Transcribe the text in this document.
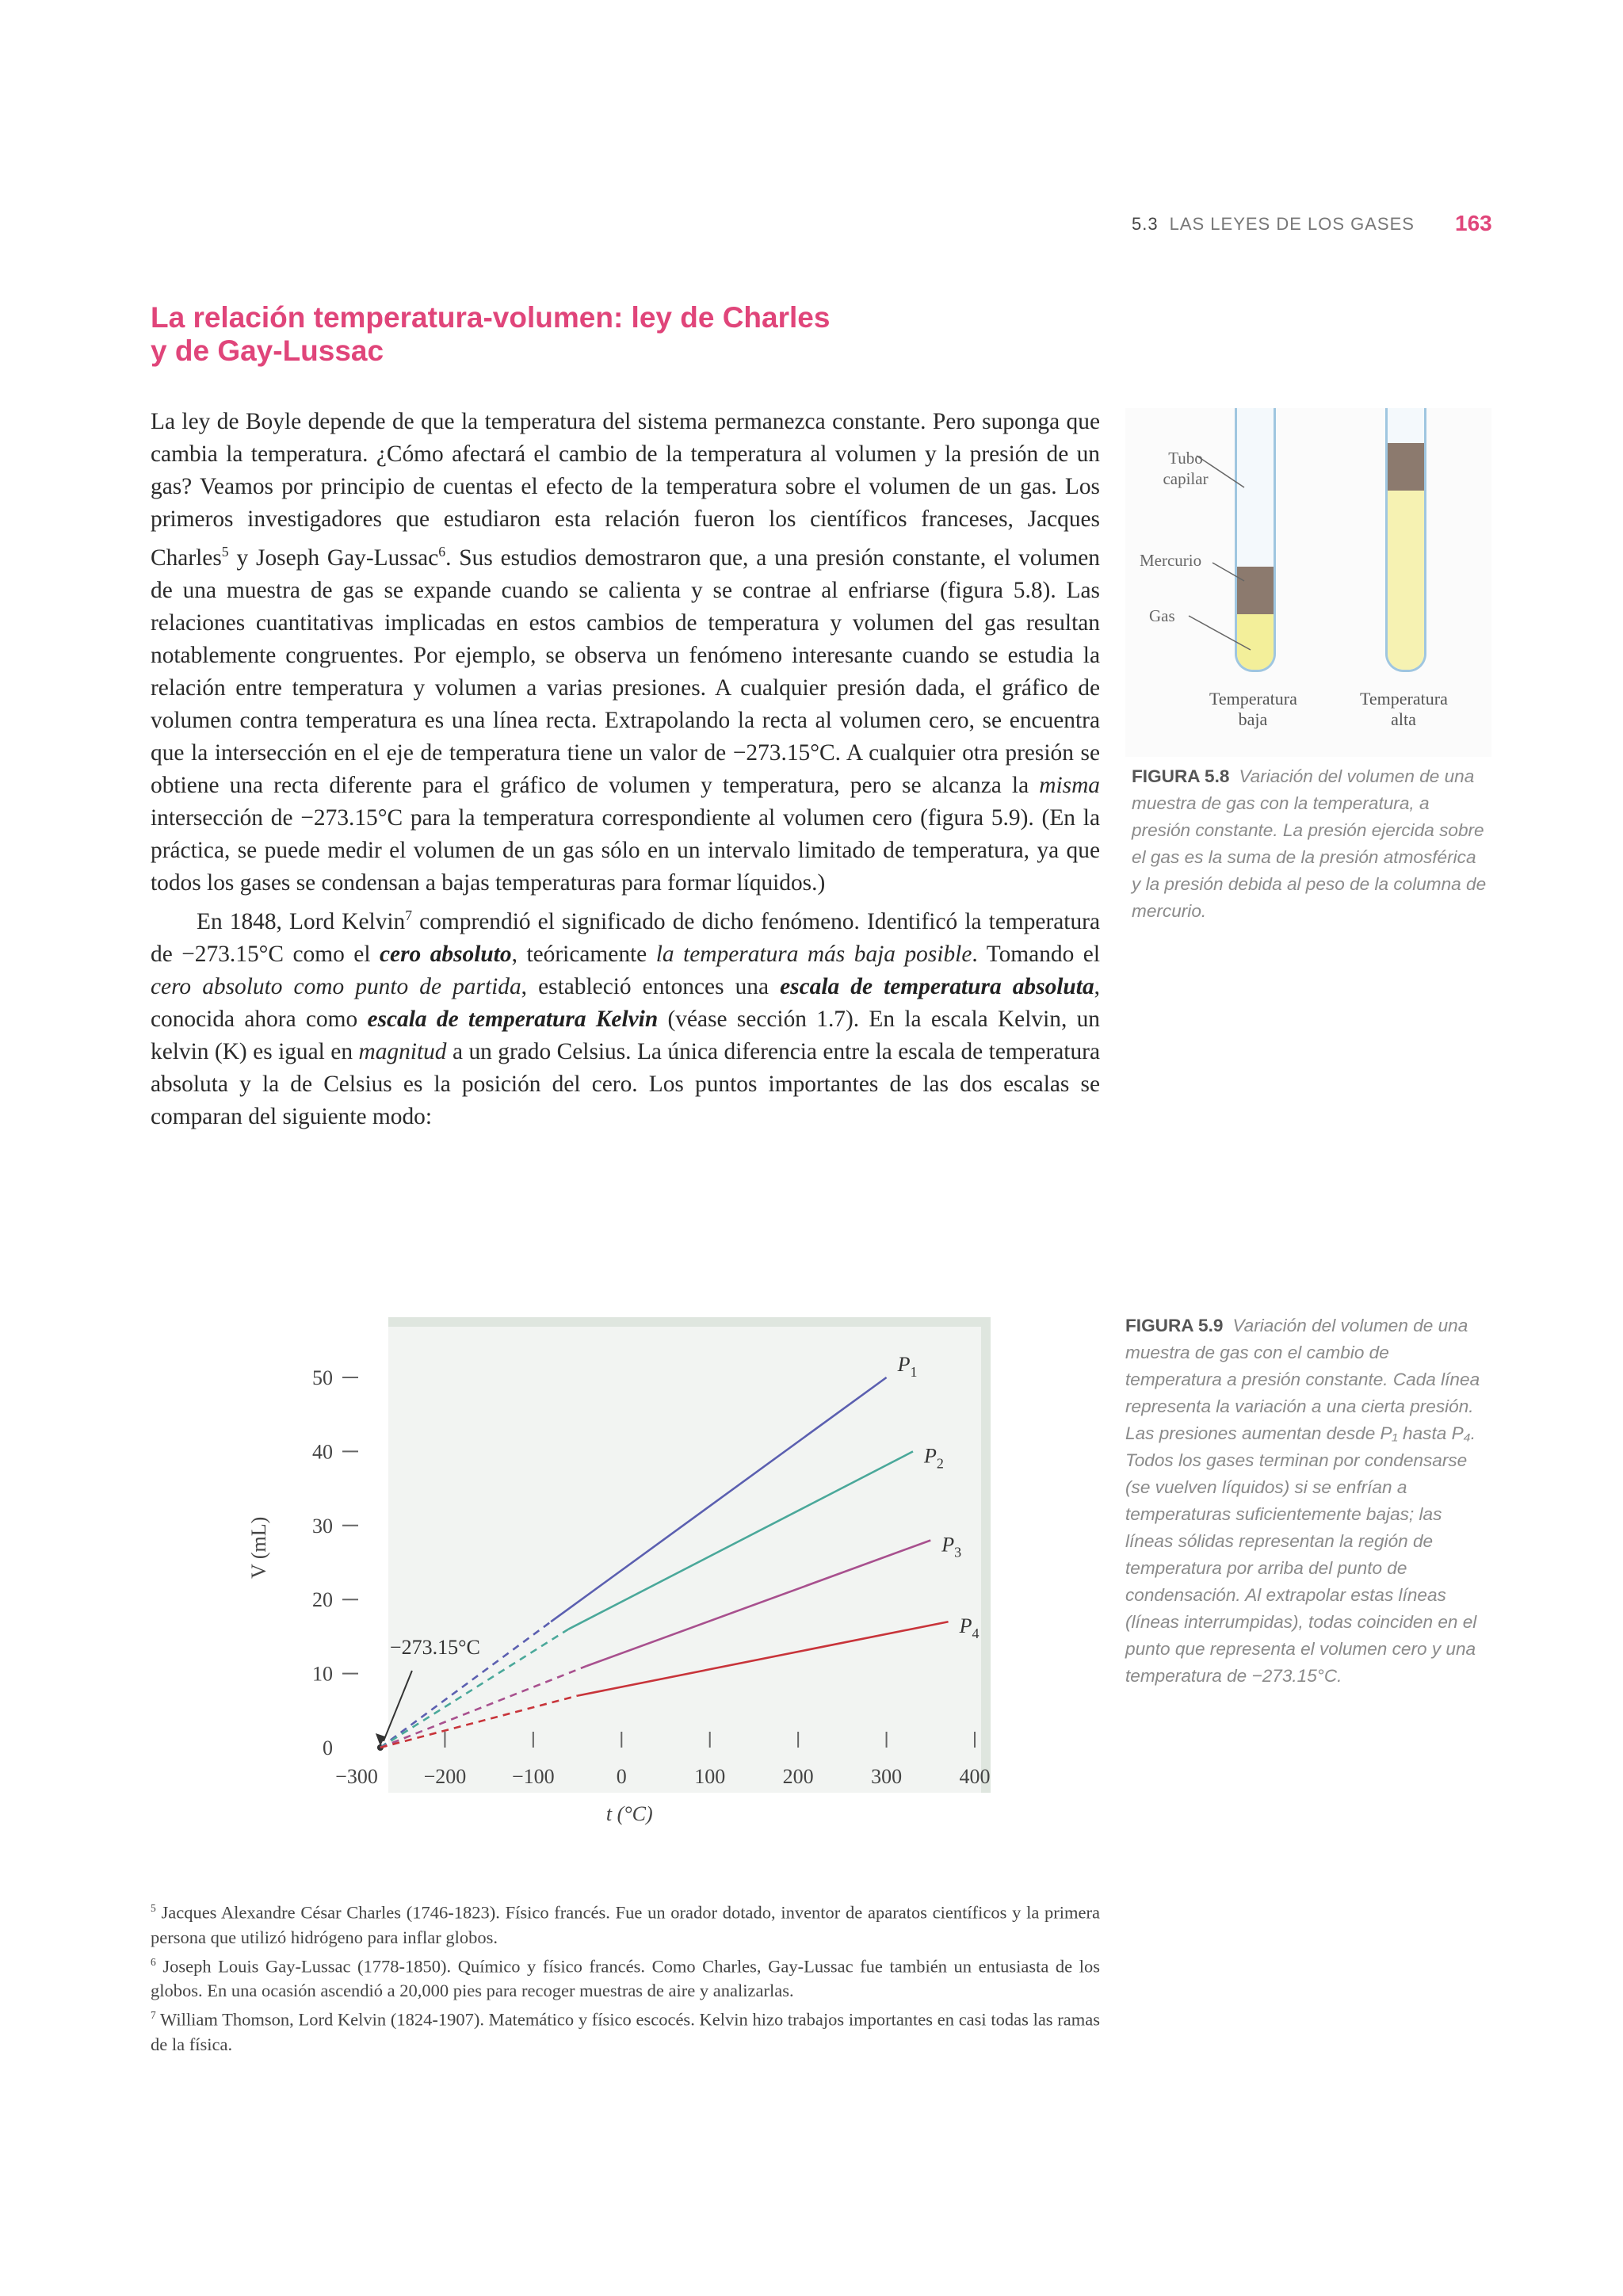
5.3 LAS LEYES DE LOS GASES 163
La relación temperatura-volumen: ley de Charles
y de Gay-Lussac

La ley de Boyle depende de que la temperatura del sistema permanezca constante. Pero suponga que cambia la temperatura. ¿Cómo afectará el cambio de la temperatura al volumen y la presión de un gas? Veamos por principio de cuentas el efecto de la temperatura sobre el volumen de un gas. Los primeros investigadores que estudiaron esta relación fueron los científicos franceses, Jacques Charles$^5$ y Joseph Gay-Lussac$^6$. Sus estudios demostraron que, a una presión constante, el volumen de una muestra de gas se expande cuando se calienta y se contrae al enfriarse (figura 5.8). Las relaciones cuantitativas implicadas en estos cambios de temperatura y volumen del gas resultan notablemente congruentes. Por ejemplo, se observa un fenómeno interesante cuando se estudia la relación entre temperatura y volumen a varias presiones. A cualquier presión dada, el gráfico de volumen contra temperatura es una línea recta. Extrapolando la recta al volumen cero, se encuentra que la intersección en el eje de temperatura tiene un valor de −273.15°C. A cualquier otra presión se obtiene una recta diferente para el gráfico de volumen y temperatura, pero se alcanza la misma intersección de −273.15°C para la temperatura correspondiente al volumen cero (figura 5.9). (En la práctica, se puede medir el volumen de un gas sólo en un intervalo limitado de temperatura, ya que todos los gases se condensan a bajas temperaturas para formar líquidos.)

En 1848, Lord Kelvin$^7$ comprendió el significado de dicho fenómeno. Identificó la temperatura de −273.15°C como el cero absoluto, teóricamente la temperatura más baja posible. Tomando el cero absoluto como punto de partida, estableció entonces una escala de temperatura absoluta, conocida ahora como escala de temperatura Kelvin (véase sección 1.7). En la escala Kelvin, un kelvin (K) es igual en magnitud a un grado Celsius. La única diferencia entre la escala de temperatura absoluta y la de Celsius es la posición del cero. Los puntos importantes de las dos escalas se comparan del siguiente modo:

Tubo capilar
Mercurio
Gas
Temperatura baja
Temperatura alta
FIGURA 5.8 Variación del volumen de una muestra de gas con la temperatura, a presión constante. La presión ejercida sobre el gas es la suma de la presión atmosférica y la presión debida al peso de la columna de mercurio.
0
10
20
30
40
50
−300 −200 −100	0	100	200	300	400
t (°C)
V (mL)
−273.15°C
$P_1$
$P_2$
$P_3$
$P_4$
FIGURA 5.9 Variación del volumen de una muestra de gas con el cambio de temperatura a presión constante. Cada línea representa la variación a una cierta presión. Las presiones aumentan desde P₁ hasta P₄. Todos los gases terminan por condensarse (se vuelven líquidos) si se enfrían a temperaturas suficientemente bajas; las líneas sólidas representan la región de temperatura por arriba del punto de condensación. Al extrapolar estas líneas (líneas interrumpidas), todas coinciden en el punto que representa el volumen cero y una temperatura de −273.15°C.

$^5$ Jacques Alexandre César Charles (1746-1823). Físico francés. Fue un orador dotado, inventor de aparatos científicos y la primera persona que utilizó hidrógeno para inflar globos.

$^6$ Joseph Louis Gay-Lussac (1778-1850). Químico y físico francés. Como Charles, Gay-Lussac fue también un entusiasta de los globos. En una ocasión ascendió a 20,000 pies para recoger muestras de aire y analizarlas.

$^7$ William Thomson, Lord Kelvin (1824-1907). Matemático y físico escocés. Kelvin hizo trabajos importantes en casi todas las ramas de la física.
